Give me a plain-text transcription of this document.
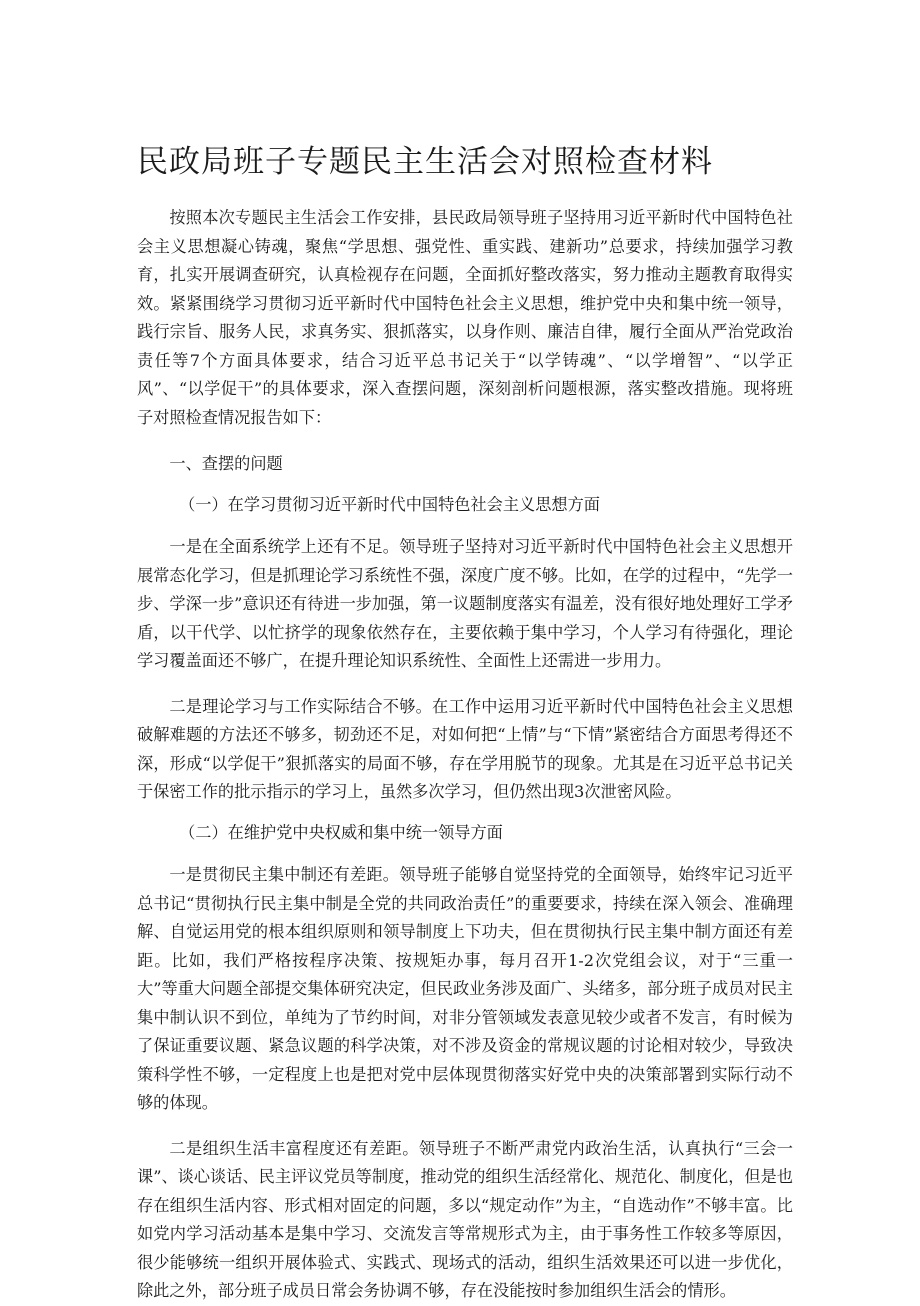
民政局班子专题民主生活会对照检查材料

按照本次专题民主生活会工作安排，县民政局领导班子坚持用习近平新时代中国特色社会主义思想凝心铸魂，聚焦“学思想、强党性、重实践、建新功”总要求，持续加强学习教育，扎实开展调查研究，认真检视存在问题，全面抓好整改落实，努力推动主题教育取得实效。紧紧围绕学习贯彻习近平新时代中国特色社会主义思想，维护党中央和集中统一领导，践行宗旨、服务人民，求真务实、狠抓落实，以身作则、廉洁自律，履行全面从严治党政治责任等7个方面具体要求，结合习近平总书记关于“以学铸魂”、“以学增智”、“以学正风”、“以学促干”的具体要求，深入查摆问题，深刻剖析问题根源，落实整改措施。现将班子对照检查情况报告如下：

一、查摆的问题

（一）在学习贯彻习近平新时代中国特色社会主义思想方面

一是在全面系统学上还有不足。领导班子坚持对习近平新时代中国特色社会主义思想开展常态化学习，但是抓理论学习系统性不强，深度广度不够。比如，在学的过程中，“先学一步、学深一步”意识还有待进一步加强，第一议题制度落实有温差，没有很好地处理好工学矛盾，以干代学、以忙挤学的现象依然存在，主要依赖于集中学习，个人学习有待强化，理论学习覆盖面还不够广，在提升理论知识系统性、全面性上还需进一步用力。

二是理论学习与工作实际结合不够。在工作中运用习近平新时代中国特色社会主义思想破解难题的方法还不够多，韧劲还不足，对如何把“上情”与“下情”紧密结合方面思考得还不深，形成“以学促干”狠抓落实的局面不够，存在学用脱节的现象。尤其是在习近平总书记关于保密工作的批示指示的学习上，虽然多次学习，但仍然出现3次泄密风险。

（二）在维护党中央权威和集中统一领导方面

一是贯彻民主集中制还有差距。领导班子能够自觉坚持党的全面领导，始终牢记习近平总书记“贯彻执行民主集中制是全党的共同政治责任”的重要要求，持续在深入领会、准确理解、自觉运用党的根本组织原则和领导制度上下功夫，但在贯彻执行民主集中制方面还有差距。比如，我们严格按程序决策、按规矩办事，每月召开1-2次党组会议，对于“三重一大”等重大问题全部提交集体研究决定，但民政业务涉及面广、头绪多，部分班子成员对民主集中制认识不到位，单纯为了节约时间，对非分管领域发表意见较少或者不发言，有时候为了保证重要议题、紧急议题的科学决策，对不涉及资金的常规议题的讨论相对较少，导致决策科学性不够，一定程度上也是把对党中层体现贯彻落实好党中央的决策部署到实际行动不够的体现。

二是组织生活丰富程度还有差距。领导班子不断严肃党内政治生活，认真执行“三会一课”、谈心谈话、民主评议党员等制度，推动党的组织生活经常化、规范化、制度化，但是也存在组织生活内容、形式相对固定的问题，多以“规定动作”为主，“自选动作”不够丰富。比如党内学习活动基本是集中学习、交流发言等常规形式为主，由于事务性工作较多等原因，很少能够统一组织开展体验式、实践式、现场式的活动，组织生活效果还可以进一步优化，除此之外，部分班子成员日常会务协调不够，存在没能按时参加组织生活会的情形。
